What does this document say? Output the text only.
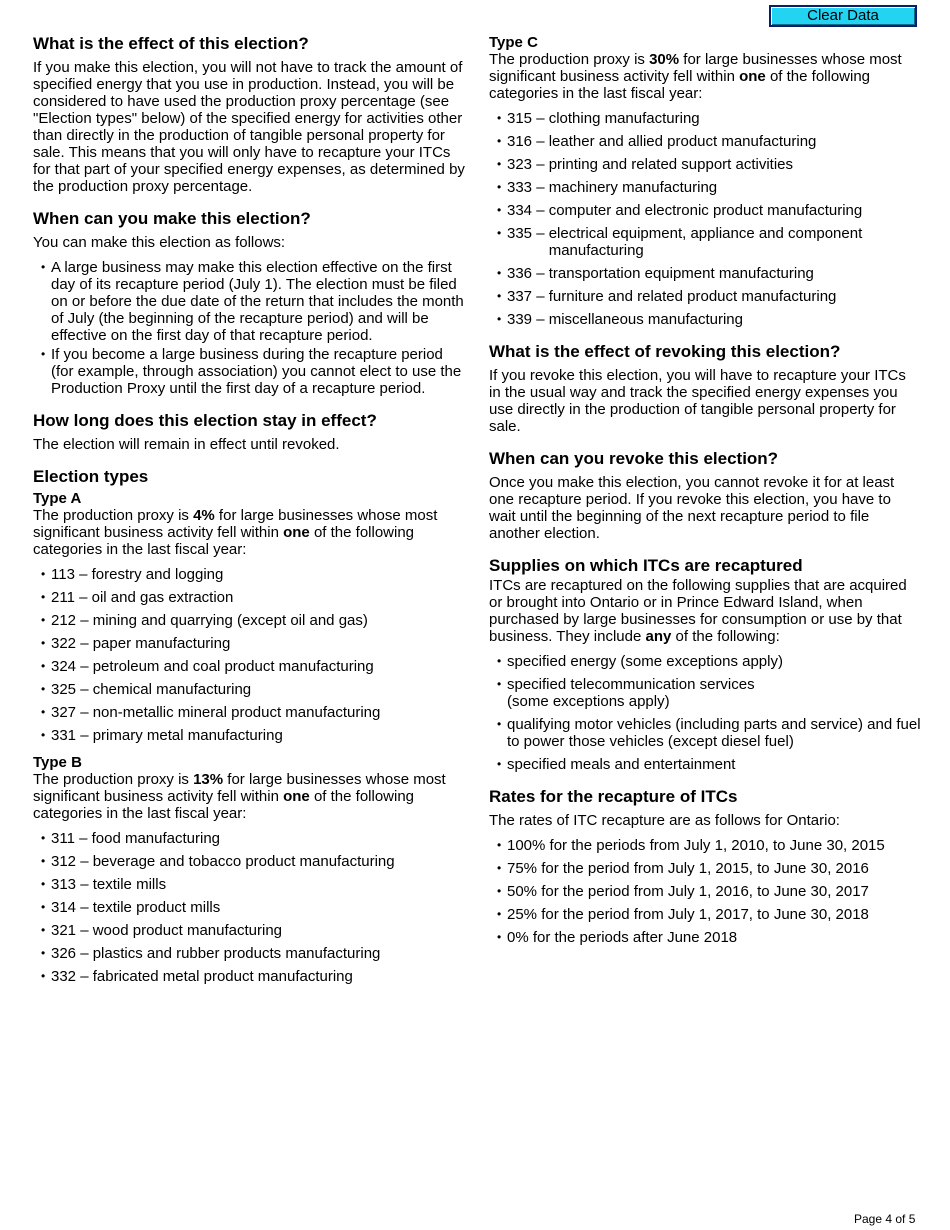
Clear Data
What is the effect of this election?

If you make this election, you will not have to track the amount of specified energy that you use in production. Instead, you will be considered to have used the production proxy percentage (see "Election types" below) of the specified energy for activities other than directly in the production of tangible personal property for sale. This means that you will only have to recapture your ITCs for that part of your specified energy expenses, as determined by the production proxy percentage.

When can you make this election?

You can make this election as follows:

• A large business may make this election effective on the first day of its recapture period (July 1). The election must be filed on or before the due date of the return that includes the month of July (the beginning of the recapture period) and will be effective on the first day of that recapture period.
• If you become a large business during the recapture period (for example, through association) you cannot elect to use the Production Proxy until the first day of a recapture period.
How long does this election stay in effect?

The election will remain in effect until revoked.

Election types
Type A

The production proxy is 4% for large businesses whose most significant business activity fell within one of the following categories in the last fiscal year:

• 113 – forestry and logging
• 211 – oil and gas extraction
• 212 – mining and quarrying (except oil and gas)
• 322 – paper manufacturing
• 324 – petroleum and coal product manufacturing
• 325 – chemical manufacturing
• 327 – non-metallic mineral product manufacturing
• 331 – primary metal manufacturing
Type B

The production proxy is 13% for large businesses whose most significant business activity fell within one of the following categories in the last fiscal year:

• 311 – food manufacturing
• 312 – beverage and tobacco product manufacturing
• 313 – textile mills
• 314 – textile product mills
• 321 – wood product manufacturing
• 326 – plastics and rubber products manufacturing
• 332 – fabricated metal product manufacturing
Type C

The production proxy is 30% for large businesses whose most significant business activity fell within one of the following categories in the last fiscal year:

• 315 – clothing manufacturing
• 316 – leather and allied product manufacturing
• 323 – printing and related support activities
• 333 – machinery manufacturing
• 334 – computer and electronic product manufacturing
• 335 – electrical equipment, appliance and component manufacturing
• 336 – transportation equipment manufacturing
• 337 – furniture and related product manufacturing
• 339 – miscellaneous manufacturing
What is the effect of revoking this election?

If you revoke this election, you will have to recapture your ITCs in the usual way and track the specified energy expenses you use directly in the production of tangible personal property for sale.

When can you revoke this election?

Once you make this election, you cannot revoke it for at least one recapture period. If you revoke this election, you have to wait until the beginning of the next recapture period to file another election.

Supplies on which ITCs are recaptured

ITCs are recaptured on the following supplies that are acquired or brought into Ontario or in Prince Edward Island, when purchased by large businesses for consumption or use by that business. They include any of the following:

• specified energy (some exceptions apply)
• specified telecommunication services
(some exceptions apply)
• qualifying motor vehicles (including parts and service) and fuel to power those vehicles (except diesel fuel)
• specified meals and entertainment
Rates for the recapture of ITCs

The rates of ITC recapture are as follows for Ontario:

• 100% for the periods from July 1, 2010, to June 30, 2015
• 75% for the period from July 1, 2015, to June 30, 2016
• 50% for the period from July 1, 2016, to June 30, 2017
• 25% for the period from July 1, 2017, to June 30, 2018
• 0% for the periods after June 2018
Page 4 of 5
